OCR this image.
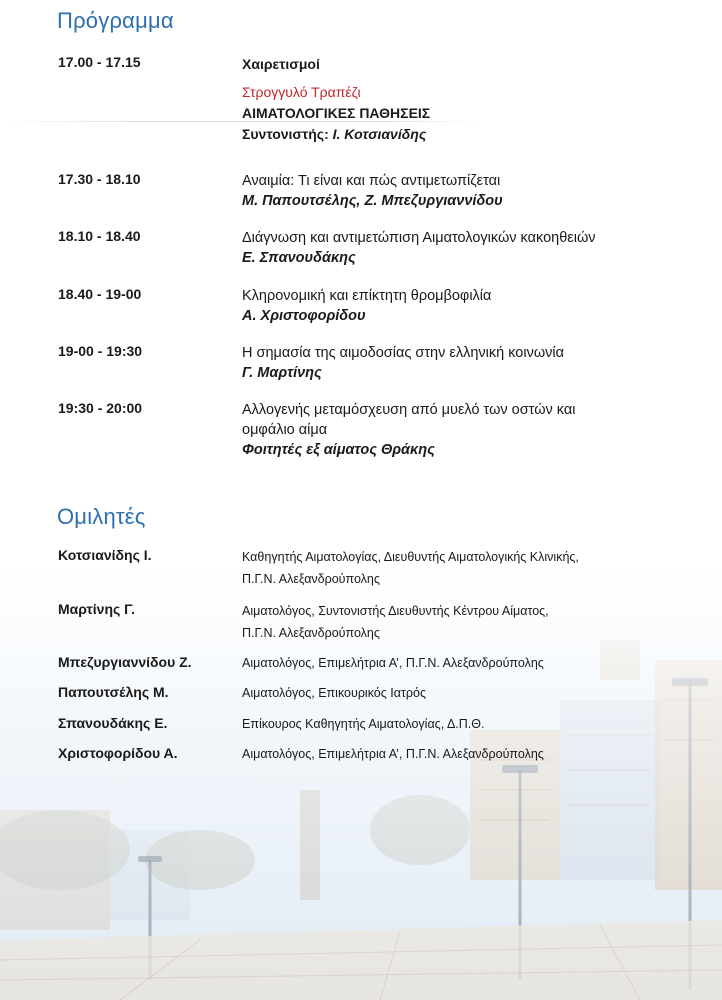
Πρόγραμμα
17.00 - 17.15	Χαιρετισμοί
Στρογγυλό Τραπέζι
ΑΙΜΑΤΟΛΟΓΙΚΕΣ ΠΑΘΗΣΕΙΣ
Συντονιστής: Ι. Κοτσιανίδης
17.30 - 18.10	Αναιμία: Τι είναι και πώς αντιμετωπίζεται
Μ. Παπουτσέλης, Ζ. Μπεζυργιαννίδου
18.10 - 18.40	Διάγνωση και αντιμετώπιση Αιματολογικών κακοηθειών
Ε. Σπανουδάκης
18.40 - 19-00	Κληρονομική και επίκτητη θρομβοφιλία
Α. Χριστοφορίδου
19-00 - 19:30	Η σημασία της αιμοδοσίας στην ελληνική κοινωνία
Γ. Μαρτίνης
19:30 - 20:00	Αλλογενής μεταμόσχευση από μυελό των οστών και
ομφάλιο αίμα
Φοιτητές εξ αίματος Θράκης
Ομιλητές
Κοτσιανίδης Ι.	Καθηγητής Αιματολογίας, Διευθυντής Αιματολογικής Κλινικής,
Π.Γ.Ν. Αλεξανδρούπολης
Μαρτίνης Γ.	Αιματολόγος, Συντονιστής Διευθυντής Κέντρου Αίματος,
Π.Γ.Ν. Αλεξανδρούπολης
Μπεζυργιαννίδου Ζ.	Αιματολόγος, Επιμελήτρια Α’, Π.Γ.Ν. Αλεξανδρούπολης
Παπουτσέλης Μ.	Αιματολόγος, Επικουρικός Ιατρός
Σπανουδάκης Ε.	Επίκουρος Καθηγητής Αιματολογίας, Δ.Π.Θ.
Χριστοφορίδου Α.	Αιματολόγος, Επιμελήτρια Α’, Π.Γ.Ν. Αλεξανδρούπολης
